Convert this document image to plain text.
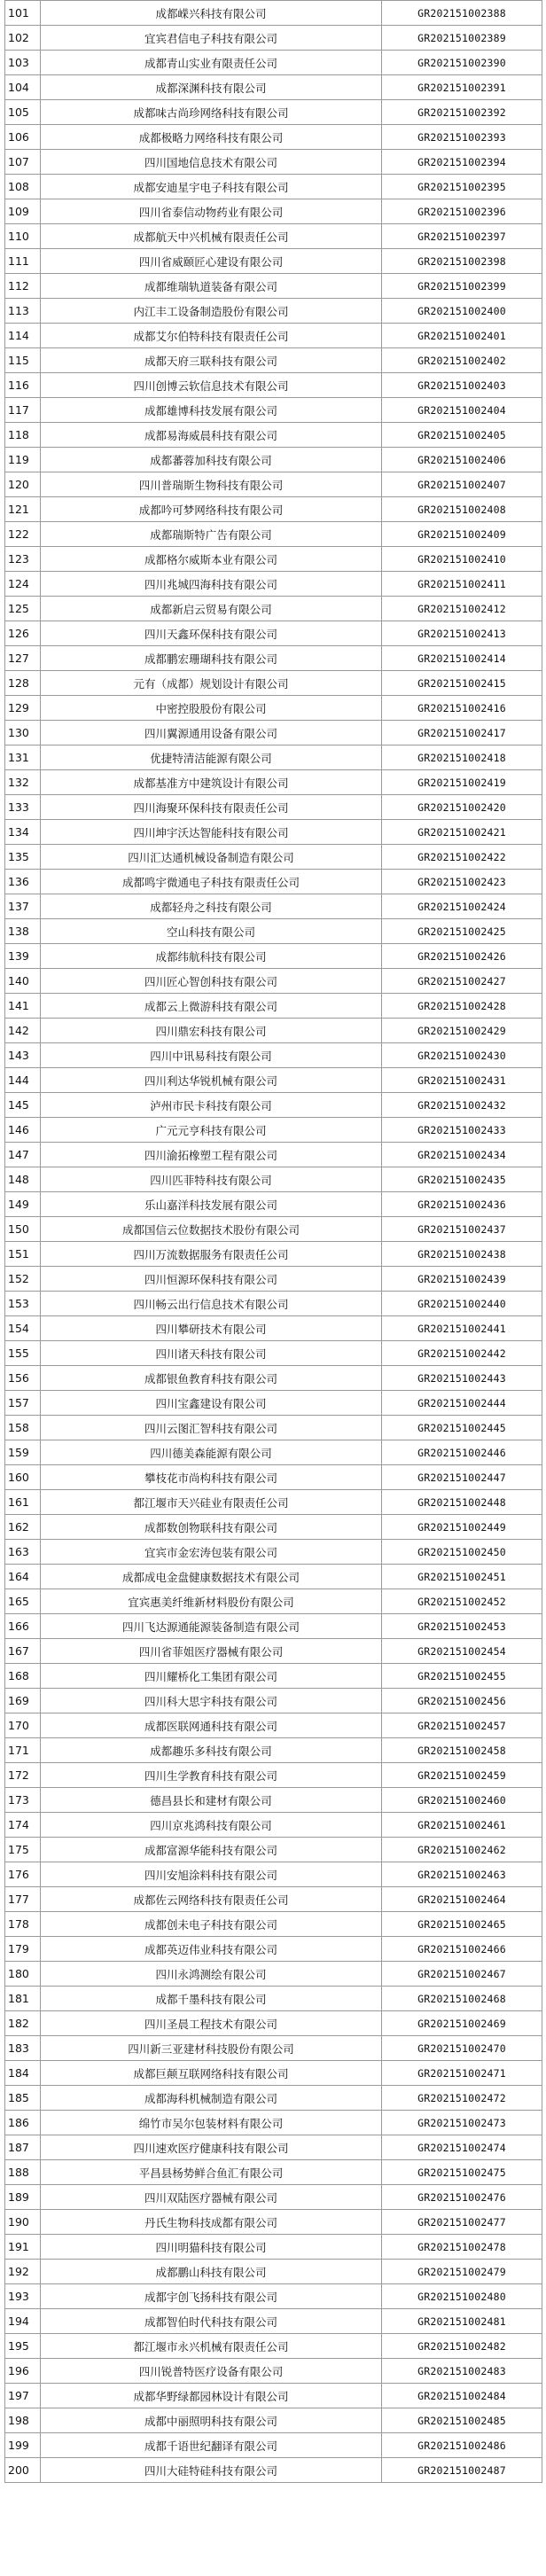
101	成都嵘兴科技有限公司	GR202151002388
102	宜宾君信电子科技有限公司	GR202151002389
103	成都青山实业有限责任公司	GR202151002390
104	成都深渊科技有限公司	GR202151002391
105	成都味古尚珍网络科技有限公司	GR202151002392
106	成都极略力网络科技有限公司	GR202151002393
107	四川国地信息技术有限公司	GR202151002394
108	成都安迪星宇电子科技有限公司	GR202151002395
109	四川省泰信动物药业有限公司	GR202151002396
110	成都航天中兴机械有限责任公司	GR202151002397
111	四川省威颐匠心建设有限公司	GR202151002398
112	成都维瑞轨道装备有限公司	GR202151002399
113	内江丰工设备制造股份有限公司	GR202151002400
114	成都艾尔伯特科技有限责任公司	GR202151002401
115	成都天府三联科技有限公司	GR202151002402
116	四川创博云软信息技术有限公司	GR202151002403
117	成都雄博科技发展有限公司	GR202151002404
118	成都易海威晨科技有限公司	GR202151002405
119	成都蕃蓉加科技有限公司	GR202151002406
120	四川普瑞斯生物科技有限公司	GR202151002407
121	成都吟可梦网络科技有限公司	GR202151002408
122	成都瑞斯特广告有限公司	GR202151002409
123	成都格尔威斯本业有限公司	GR202151002410
124	四川兆城四海科技有限公司	GR202151002411
125	成都新启云贸易有限公司	GR202151002412
126	四川天鑫环保科技有限公司	GR202151002413
127	成都鹏宏珊瑚科技有限公司	GR202151002414
128	元有（成都）规划设计有限公司	GR202151002415
129	中密控股股份有限公司	GR202151002416
130	四川翼源通用设备有限公司	GR202151002417
131	优捷特清洁能源有限公司	GR202151002418
132	成都基准方中建筑设计有限公司	GR202151002419
133	四川海聚环保科技有限责任公司	GR202151002420
134	四川坤宇沃达智能科技有限公司	GR202151002421
135	四川汇达通机械设备制造有限公司	GR202151002422
136	成都鸣宇微通电子科技有限责任公司	GR202151002423
137	成都轻舟之科技有限公司	GR202151002424
138	空山科技有限公司	GR202151002425
139	成都纬航科技有限公司	GR202151002426
140	四川匠心智创科技有限公司	GR202151002427
141	成都云上微游科技有限公司	GR202151002428
142	四川鼎宏科技有限公司	GR202151002429
143	四川中讯易科技有限公司	GR202151002430
144	四川利达华锐机械有限公司	GR202151002431
145	泸州市民卡科技有限公司	GR202151002432
146	广元元亨科技有限公司	GR202151002433
147	四川渝拓橡塑工程有限公司	GR202151002434
148	四川匹菲特科技有限公司	GR202151002435
149	乐山嘉洋科技发展有限公司	GR202151002436
150	成都国信云位数据技术股份有限公司	GR202151002437
151	四川万流数据服务有限责任公司	GR202151002438
152	四川恒源环保科技有限公司	GR202151002439
153	四川畅云出行信息技术有限公司	GR202151002440
154	四川攀研技术有限公司	GR202151002441
155	四川诸天科技有限公司	GR202151002442
156	成都银鱼教育科技有限公司	GR202151002443
157	四川宝鑫建设有限公司	GR202151002444
158	四川云图汇智科技有限公司	GR202151002445
159	四川德美森能源有限公司	GR202151002446
160	攀枝花市尚构科技有限公司	GR202151002447
161	都江堰市天兴硅业有限责任公司	GR202151002448
162	成都数创物联科技有限公司	GR202151002449
163	宜宾市金宏涛包装有限公司	GR202151002450
164	成都成电金盘健康数据技术有限公司	GR202151002451
165	宜宾惠美纤维新材料股份有限公司	GR202151002452
166	四川飞达源通能源装备制造有限公司	GR202151002453
167	四川省菲姐医疗器械有限公司	GR202151002454
168	四川耀桥化工集团有限公司	GR202151002455
169	四川科大思宇科技有限公司	GR202151002456
170	成都医联网通科技有限公司	GR202151002457
171	成都趣乐多科技有限公司	GR202151002458
172	四川生学教育科技有限公司	GR202151002459
173	德昌县长和建材有限公司	GR202151002460
174	四川京兆鸿科技有限公司	GR202151002461
175	成都富源华能科技有限公司	GR202151002462
176	四川安旭涂料科技有限公司	GR202151002463
177	成都佐云网络科技有限责任公司	GR202151002464
178	成都创未电子科技有限公司	GR202151002465
179	成都英迈伟业科技有限公司	GR202151002466
180	四川永鸿测绘有限公司	GR202151002467
181	成都千墨科技有限公司	GR202151002468
182	四川圣晨工程技术有限公司	GR202151002469
183	四川新三亚建材科技股份有限公司	GR202151002470
184	成都巨颠互联网络科技有限公司	GR202151002471
185	成都海科机械制造有限公司	GR202151002472
186	绵竹市吴尔包装材料有限公司	GR202151002473
187	四川速欢医疗健康科技有限公司	GR202151002474
188	平昌县杨势鲜合鱼汇有限公司	GR202151002475
189	四川双陆医疗器械有限公司	GR202151002476
190	丹氏生物科技成都有限公司	GR202151002477
191	四川明猫科技有限公司	GR202151002478
192	成都鹏山科技有限公司	GR202151002479
193	成都宇创飞扬科技有限公司	GR202151002480
194	成都智伯时代科技有限公司	GR202151002481
195	都江堰市永兴机械有限责任公司	GR202151002482
196	四川锐普特医疗设备有限公司	GR202151002483
197	成都华野绿都园林设计有限公司	GR202151002484
198	成都中丽照明科技有限公司	GR202151002485
199	成都千语世纪翻译有限公司	GR202151002486
200	四川大硅特硅科技有限公司	GR202151002487
